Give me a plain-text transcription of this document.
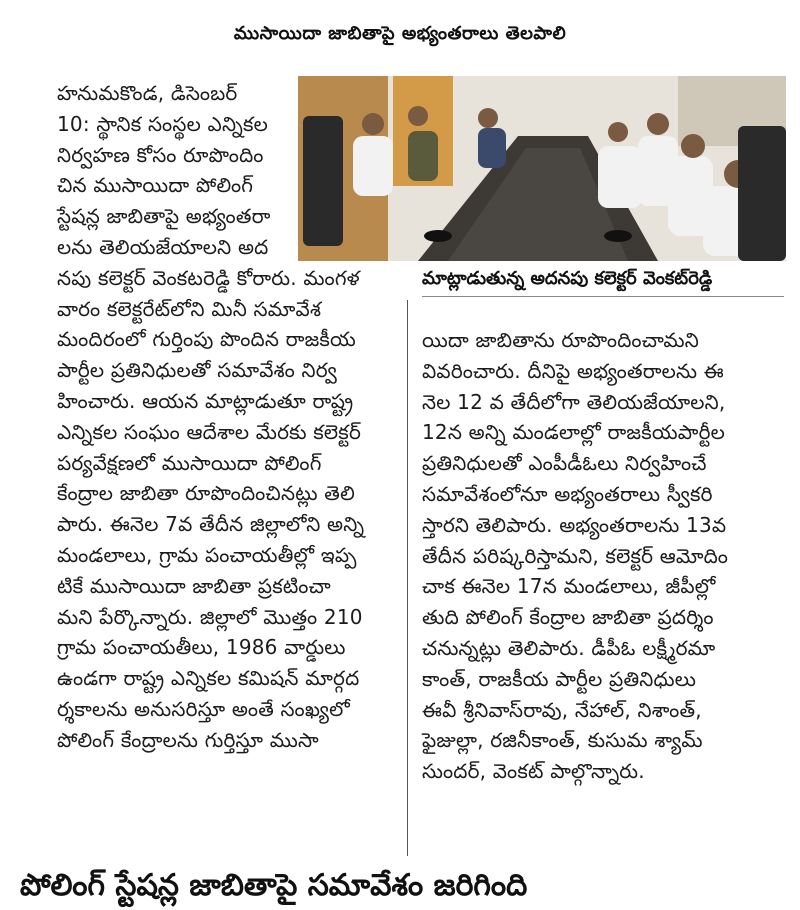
ముసాయిదా జాబితాపై అభ్యంతరాలు తెలపాలి
మాట్లాడుతున్న అదనపు కలెక్టర్ వెంకట్‌రెడ్డి
హనుమకొండ, డిసెంబర్
10: స్థానిక సంస్థల ఎన్నికల
నిర్వహణ కోసం రూపొందిం
చిన ముసాయిదా పోలింగ్
స్టేషన్ల జాబితాపై అభ్యంతరా
లను తెలియజేయాలని అద
నపు కలెక్టర్ వెంకటరెడ్డి కోరారు. మంగళ
వారం కలెక్టరేట్‌లోని మినీ సమావేశ
మందిరంలో గుర్తింపు పొందిన రాజకీయ
పార్టీల ప్రతినిధులతో సమావేశం నిర్వ
హించారు. ఆయన మాట్లాడుతూ రాష్ట్ర
ఎన్నికల సంఘం ఆదేశాల మేరకు కలెక్టర్
పర్యవేక్షణలో ముసాయిదా పోలింగ్
కేంద్రాల జాబితా రూపొందించినట్లు తెలి
పారు. ఈనెల 7వ తేదీన జిల్లాలోని అన్ని
మండలాలు, గ్రామ పంచాయతీల్లో ఇప్ప
టికే ముసాయిదా జాబితా ప్రకటించా
మని పేర్కొన్నారు. జిల్లాలో మొత్తం 210
గ్రామ పంచాయతీలు, 1986 వార్డులు
ఉండగా రాష్ట్ర ఎన్నికల కమిషన్ మార్గద
ర్శకాలను అనుసరిస్తూ అంతే సంఖ్యలో
పోలింగ్ కేంద్రాలను గుర్తిస్తూ ముసా
యిదా జాబితాను రూపొందించామని
వివరించారు. దీనిపై అభ్యంతరాలను ఈ
నెల 12 వ తేదీలోగా తెలియజేయాలని,
12న అన్ని మండలాల్లో రాజకీయపార్టీల
ప్రతినిధులతో ఎంపీడీఓలు నిర్వహించే
సమావేశంలోనూ అభ్యంతరాలు స్వీకరి
స్తారని తెలిపారు. అభ్యంతరాలను 13వ
తేదీన పరిష్కరిస్తామని, కలెక్టర్ ఆమోదిం
చాక ఈనెల 17న మండలాలు, జీపీల్లో
తుది పోలింగ్ కేంద్రాల జాబితా ప్రదర్శిం
చనున్నట్లు తెలిపారు. డీపీఓ లక్ష్మీరమా
కాంత్, రాజకీయ పార్టీల ప్రతినిధులు
ఈవీ శ్రీనివాస్‌రావు, నేహాల్, నిశాంత్,
ఫైజుల్లా, రజినీకాంత్, కుసుమ శ్యామ్
సుందర్, వెంకట్ పాల్గొన్నారు.
పోలింగ్ స్టేషన్ల జాబితాపై సమావేశం జరిగింది
